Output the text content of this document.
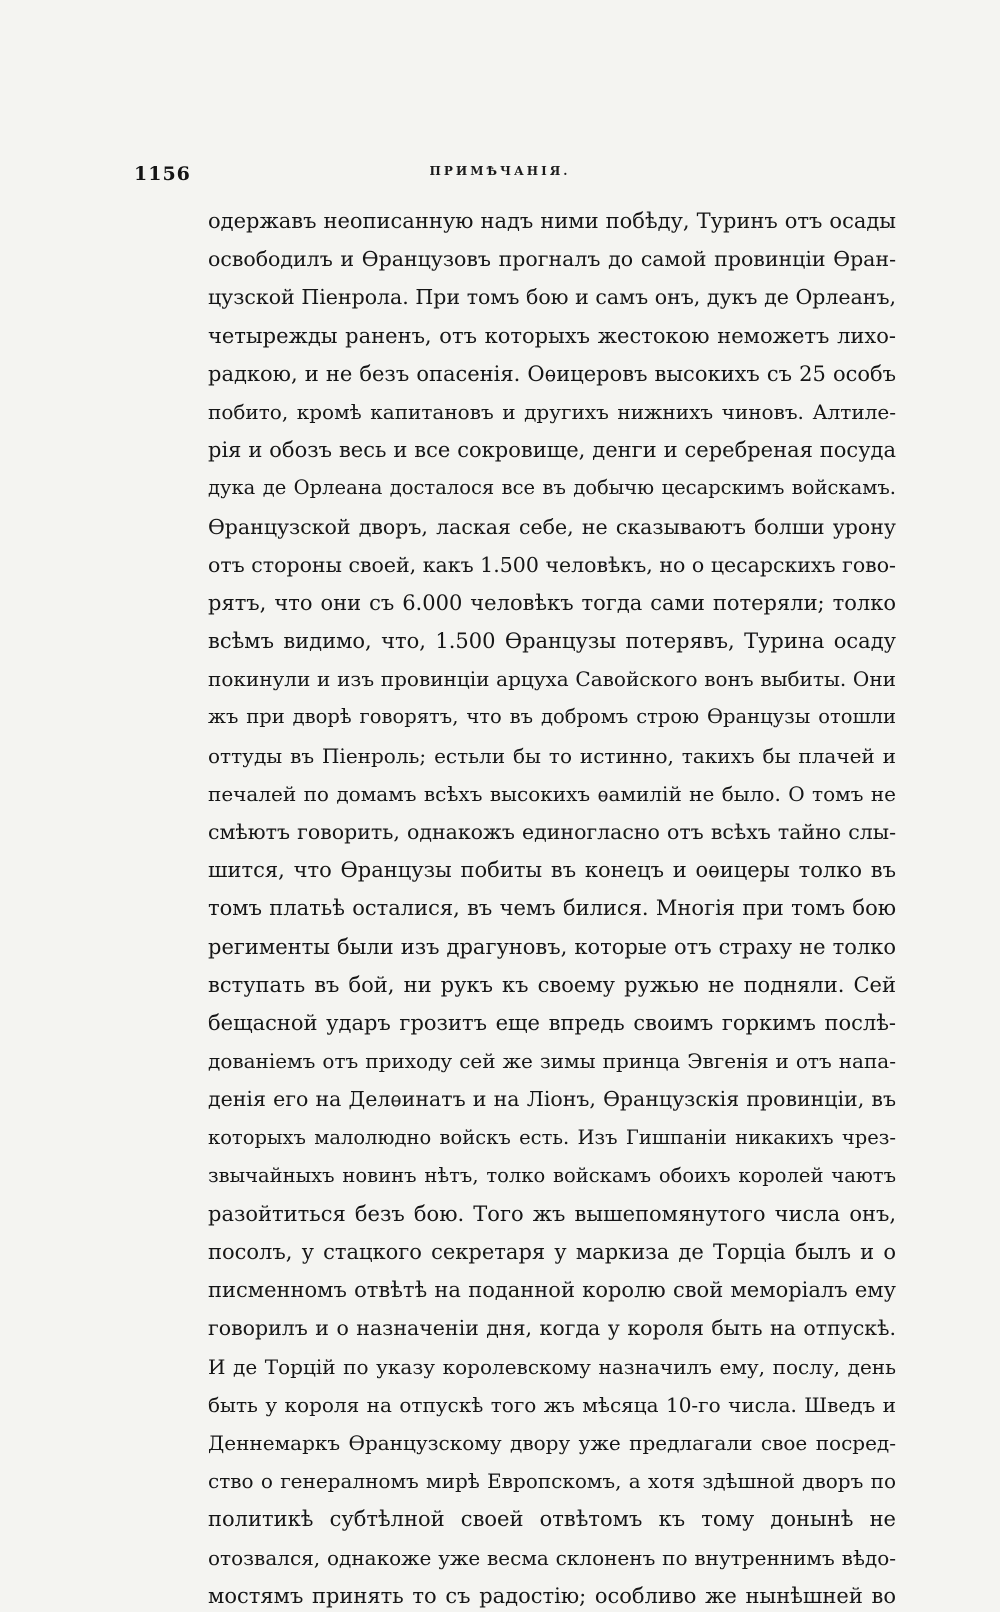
1156	ПРИМѢЧАНІЯ.
одержавъ неописанную надъ ними побѣду, Туринъ отъ осады
освободилъ и Ѳранцузовъ прогналъ до самой провинціи Ѳран-
цузской Піенрола. При томъ бою и самъ онъ, дукъ де Орлеанъ,
четырежды раненъ, отъ которыхъ жестокою неможетъ лихо-
радкою, и не безъ опасенія. Оѳицеровъ высокихъ съ 25 особъ
побито, кромѣ капитановъ и другихъ нижнихъ чиновъ. Алтиле-
рія и обозъ весь и все сокровище, денги и серебреная посуда
дука де Орлеана досталося все въ добычю цесарскимъ войскамъ.
Ѳранцузской дворъ, лаская себе, не сказываютъ болши урону
отъ стороны своей, какъ 1.500 человѣкъ, но о цесарскихъ гово-
рятъ, что они съ 6.000 человѣкъ тогда сами потеряли; толко
всѣмъ видимо, что, 1.500 Ѳранцузы потерявъ, Турина осаду
покинули и изъ провинціи арцуха Савойского вонъ выбиты. Они
жъ при дворѣ говорятъ, что въ добромъ строю Ѳранцузы отошли
оттуды въ Піенроль; естьли бы то истинно, такихъ бы плачей и
печалей по домамъ всѣхъ высокихъ ѳамилій не было. О томъ не
смѣютъ говорить, однакожъ единогласно отъ всѣхъ тайно слы-
шится, что Ѳранцузы побиты въ конецъ и оѳицеры толко въ
томъ платьѣ осталися, въ чемъ билися. Многія при томъ бою
регименты были изъ драгуновъ, которые отъ страху не толко
вступать въ бой, ни рукъ къ своему ружью не подняли. Сей
бещасной ударъ грозитъ еще впредь своимъ горкимъ послѣ-
дованіемъ отъ приходу сей же зимы принца Эвгенія и отъ напа-
денія его на Делѳинатъ и на Ліонъ, Ѳранцузскія провинціи, въ
которыхъ малолюдно войскъ есть. Изъ Гишпаніи никакихъ чрез-
звычайныхъ новинъ нѣтъ, толко войскамъ обоихъ королей чаютъ
разойтиться безъ бою. Того жъ вышепомянутого числа онъ,
посолъ, у стацкого секретаря у маркиза де Торціа былъ и о
писменномъ отвѣтѣ на поданной королю свой меморіалъ ему
говорилъ и о назначеніи дня, когда у короля быть на отпускѣ.
И де Торцій по указу королевскому назначилъ ему, послу, день
быть у короля на отпускѣ того жъ мѣсяца 10-го числа. Шведъ и
Деннемаркъ Ѳранцузскому двору уже предлагали свое посред-
ство о генералномъ мирѣ Европскомъ, а хотя здѣшной дворъ по
политикѣ субтѣлной своей отвѣтомъ къ тому донынѣ не
отозвался, однакоже уже весма склоненъ по внутреннимъ вѣдо-
мостямъ принять то съ радостію; особливо же нынѣшней во
